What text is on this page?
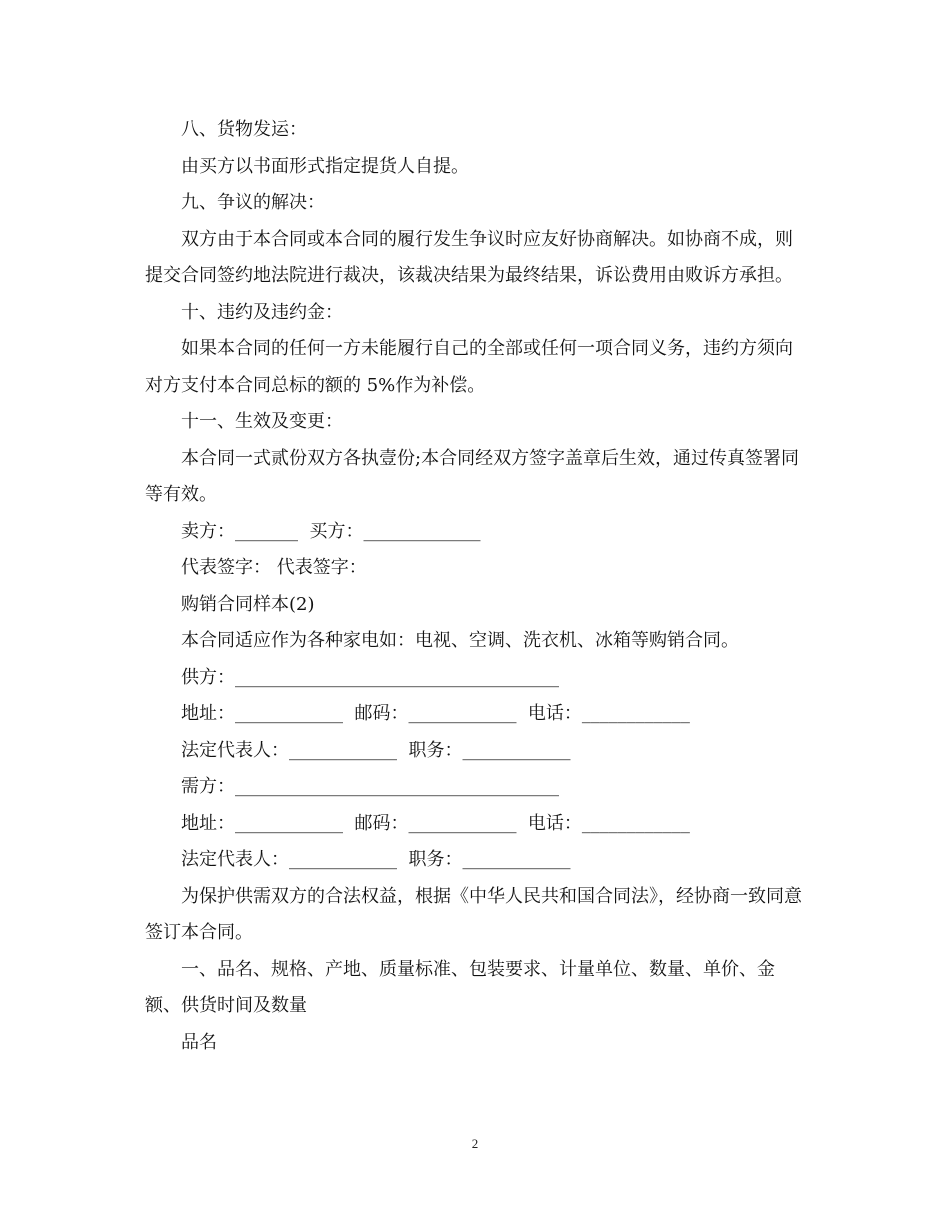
八、货物发运：

由买方以书面形式指定提货人自提。

九、争议的解决：

双方由于本合同或本合同的履行发生争议时应友好协商解决。如协商不成，则提交合同签约地法院进行裁决，该裁决结果为最终结果，诉讼费用由败诉方承担。

十、违约及违约金：

如果本合同的任何一方未能履行自己的全部或任何一项合同义务，违约方须向对方支付本合同总标的额的 5%作为补偿。

十一、生效及变更：

本合同一式贰份双方各执壹份;本合同经双方签字盖章后生效，通过传真签署同等有效。

卖方：_______  买方：_____________

代表签字： 代表签字：

购销合同样本(2)

本合同适应作为各种家电如：电视、空调、洗衣机、冰箱等购销合同。

供方：____________________________________

地址：____________  邮码：____________  电话：____________

法定代表人：____________  职务：____________

需方：____________________________________

地址：____________  邮码：____________  电话：____________

法定代表人：____________  职务：____________

为保护供需双方的合法权益，根据《中华人民共和国合同法》，经协商一致同意签订本合同。

一、品名、规格、产地、质量标准、包装要求、计量单位、数量、单价、金额、供货时间及数量

品名

2
